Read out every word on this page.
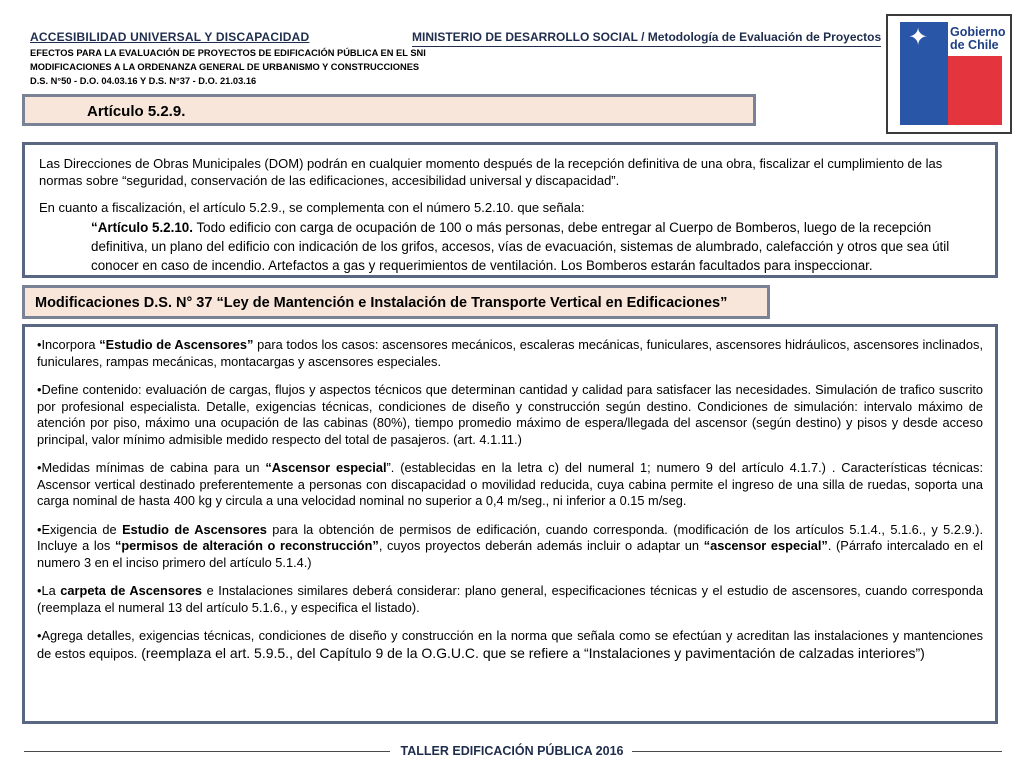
ACCESIBILIDAD UNIVERSAL Y DISCAPACIDAD
EFECTOS PARA LA EVALUACIÓN DE PROYECTOS DE EDIFICACIÓN PÚBLICA EN EL SNI
MODIFICACIONES A LA ORDENANZA GENERAL DE URBANISMO Y CONSTRUCCIONES
D.S. N°50 - D.O. 04.03.16 Y D.S. N°37 - D.O. 21.03.16
MINISTERIO DE DESARROLLO SOCIAL / Metodología de Evaluación de Proyectos ✦ Gobierno
de Chile
Artículo 5.2.9.

Las Direcciones de Obras Municipales (DOM) podrán en cualquier momento después de la recepción definitiva de una obra, fiscalizar el cumplimiento de las normas sobre “seguridad, conservación de las edificaciones, accesibilidad universal y discapacidad”.

En cuanto a fiscalización, el artículo 5.2.9., se complementa con el número 5.2.10. que señala:

“Artículo 5.2.10. Todo edificio con carga de ocupación de 100 o más personas, debe entregar al Cuerpo de Bomberos, luego de la recepción definitiva, un plano del edificio con indicación de los grifos, accesos, vías de evacuación, sistemas de alumbrado, calefacción y otros que sea útil conocer en caso de incendio. Artefactos a gas y requerimientos de ventilación. Los Bomberos estarán facultados para inspeccionar.

Modificaciones D.S. N° 37 “Ley de Mantención e Instalación de Transporte Vertical en Edificaciones”

•Incorpora “Estudio de Ascensores” para todos los casos: ascensores mecánicos, escaleras mecánicas, funiculares, ascensores hidráulicos, ascensores inclinados, funiculares, rampas mecánicas, montacargas y ascensores especiales.

•Define contenido: evaluación de cargas, flujos y aspectos técnicos que determinan cantidad y calidad para satisfacer las necesidades. Simulación de trafico suscrito por profesional especialista. Detalle, exigencias técnicas, condiciones de diseño y construcción según destino. Condiciones de simulación: intervalo máximo de atención por piso, máximo una ocupación de las cabinas (80%), tiempo promedio máximo de espera/llegada del ascensor (según destino) y pisos y desde acceso principal, valor mínimo admisible medido respecto del total de pasajeros. (art. 4.1.11.)

•Medidas mínimas de cabina para un “Ascensor especial”. (establecidas en la letra c) del numeral 1; numero 9 del artículo 4.1.7.) . Características técnicas: Ascensor vertical destinado preferentemente a personas con discapacidad o movilidad reducida, cuya cabina permite el ingreso de una silla de ruedas, soporta una carga nominal de hasta 400 kg y circula a una velocidad nominal no superior a 0,4 m/seg., ni inferior a 0.15 m/seg.

•Exigencia de Estudio de Ascensores para la obtención de permisos de edificación, cuando corresponda. (modificación de los artículos 5.1.4., 5.1.6., y 5.2.9.). Incluye a los “permisos de alteración o reconstrucción”, cuyos proyectos deberán además incluir o adaptar un “ascensor especial”. (Párrafo intercalado en el numero 3 en el inciso primero del artículo 5.1.4.)

•La carpeta de Ascensores e Instalaciones similares deberá considerar: plano general, especificaciones técnicas y el estudio de ascensores, cuando corresponda (reemplaza el numeral 13 del artículo 5.1.6., y especifica el listado).

•Agrega detalles, exigencias técnicas, condiciones de diseño y construcción en la norma que señala como se efectúan y acreditan las instalaciones y mantenciones de estos equipos. (reemplaza el art. 5.9.5., del Capítulo 9 de la O.G.U.C. que se refiere a “Instalaciones y pavimentación de calzadas interiores”)

TALLER EDIFICACIÓN PÚBLICA 2016
